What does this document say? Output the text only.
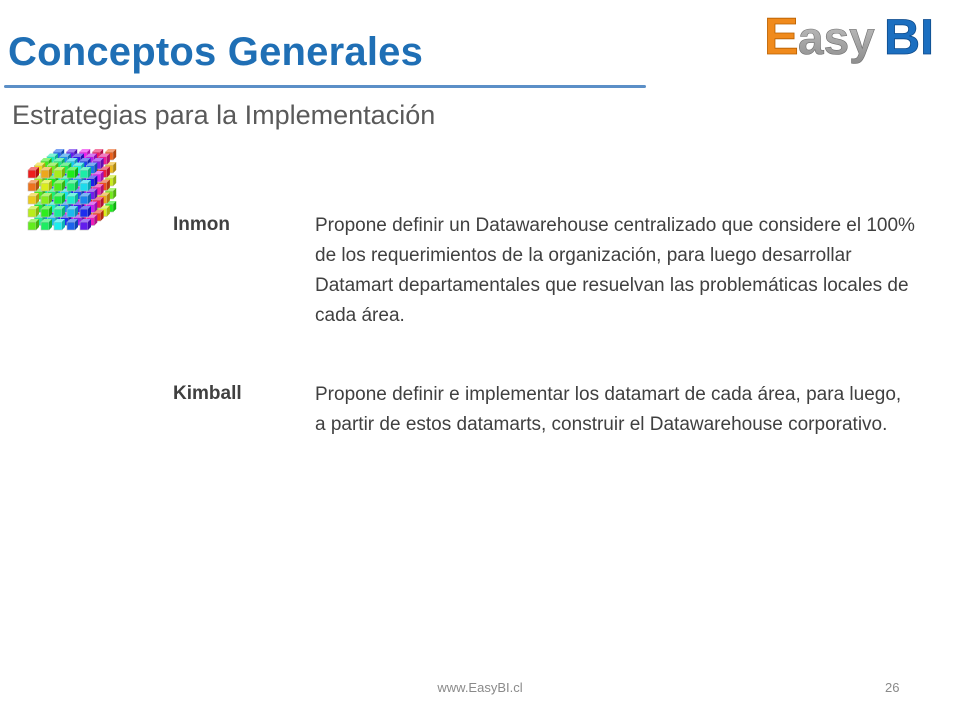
Conceptos Generales
Estrategias para la Implementación
E asy BI
Inmon	Propone definir un Datawarehouse centralizado que considere el 100% de los requerimientos de la organización, para luego desarrollar Datamart departamentales que resuelvan las problemáticas locales de cada área.
Kimball	Propone definir e implementar los datamart de cada área, para luego, a partir de estos datamarts, construir el Datawarehouse corporativo.
www.EasyBI.cl	26
